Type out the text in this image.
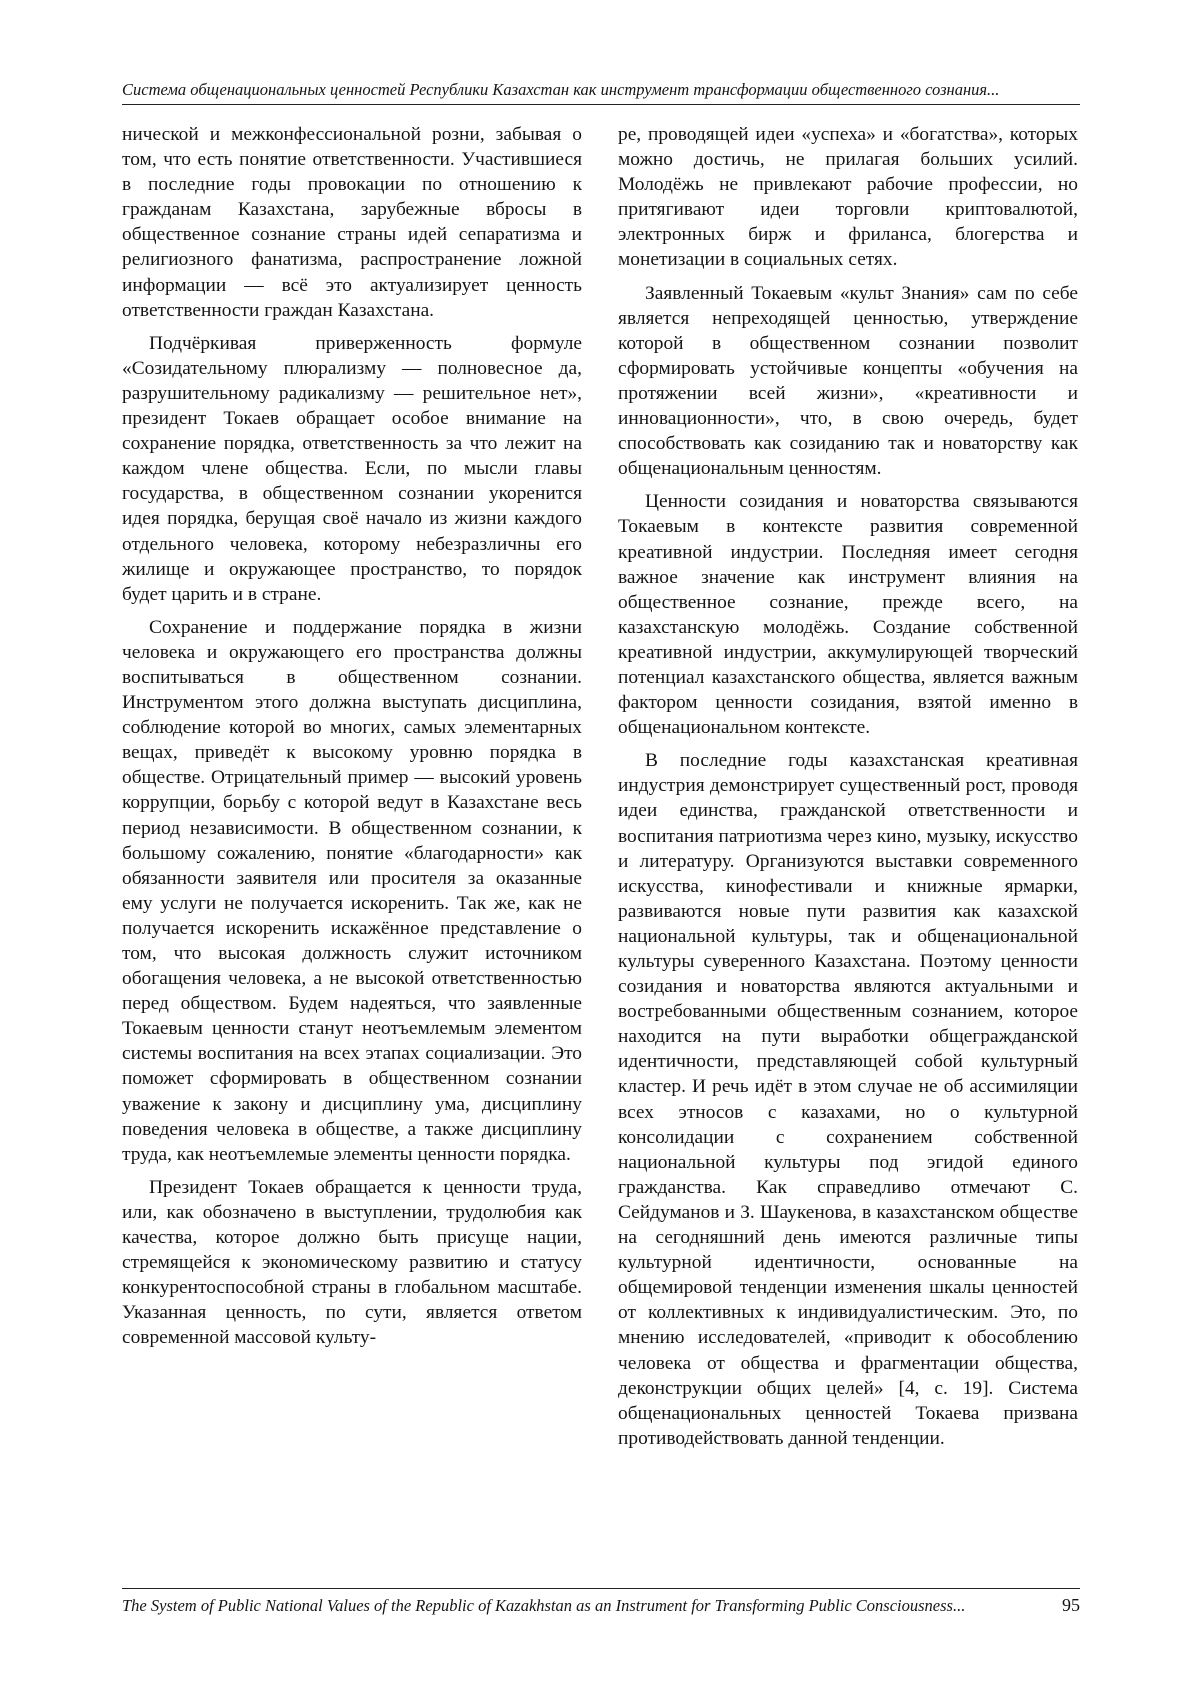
Система общенациональных ценностей Республики Казахстан как инструмент трансформации общественного сознания...

нической и межконфессиональной розни, забывая о том, что есть понятие ответственности. Участившиеся в последние годы провокации по отношению к гражданам Казахстана, зарубежные вбросы в общественное сознание страны идей сепаратизма и религиозного фанатизма, распространение ложной информации — всё это актуализирует ценность ответственности граждан Казахстана.

Подчёркивая приверженность формуле «Созидательному плюрализму — полновесное да, разрушительному радикализму — решительное нет», президент Токаев обращает особое внимание на сохранение порядка, ответственность за что лежит на каждом члене общества. Если, по мысли главы государства, в общественном сознании укоренится идея порядка, берущая своё начало из жизни каждого отдельного человека, которому небезразличны его жилище и окружающее пространство, то порядок будет царить и в стране.

Сохранение и поддержание порядка в жизни человека и окружающего его пространства должны воспитываться в общественном сознании. Инструментом этого должна выступать дисциплина, соблюдение которой во многих, самых элементарных вещах, приведёт к высокому уровню порядка в обществе. Отрицательный пример — высокий уровень коррупции, борьбу с которой ведут в Казахстане весь период независимости. В общественном сознании, к большому сожалению, понятие «благодарности» как обязанности заявителя или просителя за оказанные ему услуги не получается искоренить. Так же, как не получается искоренить искажённое представление о том, что высокая должность служит источником обогащения человека, а не высокой ответственностью перед обществом. Будем надеяться, что заявленные Токаевым ценности станут неотъемлемым элементом системы воспитания на всех этапах социализации. Это поможет сформировать в общественном сознании уважение к закону и дисциплину ума, дисциплину поведения человека в обществе, а также дисциплину труда, как неотъемлемые элементы ценности порядка.

Президент Токаев обращается к ценности труда, или, как обозначено в выступлении, трудолюбия как качества, которое должно быть присуще нации, стремящейся к экономическому развитию и статусу конкурентоспособной страны в глобальном масштабе. Указанная ценность, по сути, является ответом современной массовой культу-

ре, проводящей идеи «успеха» и «богатства», которых можно достичь, не прилагая больших усилий. Молодёжь не привлекают рабочие профессии, но притягивают идеи торговли криптовалютой, электронных бирж и фриланса, блогерства и монетизации в социальных сетях.

Заявленный Токаевым «культ Знания» сам по себе является непреходящей ценностью, утверждение которой в общественном сознании позволит сформировать устойчивые концепты «обучения на протяжении всей жизни», «креативности и инновационности», что, в свою очередь, будет способствовать как созиданию так и новаторству как общенациональным ценностям.

Ценности созидания и новаторства связываются Токаевым в контексте развития современной креативной индустрии. Последняя имеет сегодня важное значение как инструмент влияния на общественное сознание, прежде всего, на казахстанскую молодёжь. Создание собственной креативной индустрии, аккумулирующей творческий потенциал казахстанского общества, является важным фактором ценности созидания, взятой именно в общенациональном контексте.

В последние годы казахстанская креативная индустрия демонстрирует существенный рост, проводя идеи единства, гражданской ответственности и воспитания патриотизма через кино, музыку, искусство и литературу. Организуются выставки современного искусства, кинофестивали и книжные ярмарки, развиваются новые пути развития как казахской национальной культуры, так и общенациональной культуры суверенного Казахстана. Поэтому ценности созидания и новаторства являются актуальными и востребованными общественным сознанием, которое находится на пути выработки общегражданской идентичности, представляющей собой культурный кластер. И речь идёт в этом случае не об ассимиляции всех этносов с казахами, но о культурной консолидации с сохранением собственной национальной культуры под эгидой единого гражданства. Как справедливо отмечают С. Сейдуманов и З. Шаукенова, в казахстанском обществе на сегодняшний день имеются различные типы культурной идентичности, основанные на общемировой тенденции изменения шкалы ценностей от коллективных к индивидуалистическим. Это, по мнению исследователей, «приводит к обособлению человека от общества и фрагментации общества, деконструкции общих целей» [4, с. 19]. Система общенациональных ценностей Токаева призвана противодействовать данной тенденции.

The System of Public National Values of the Republic of Kazakhstan as an Instrument for Transforming Public Consciousness...	95
